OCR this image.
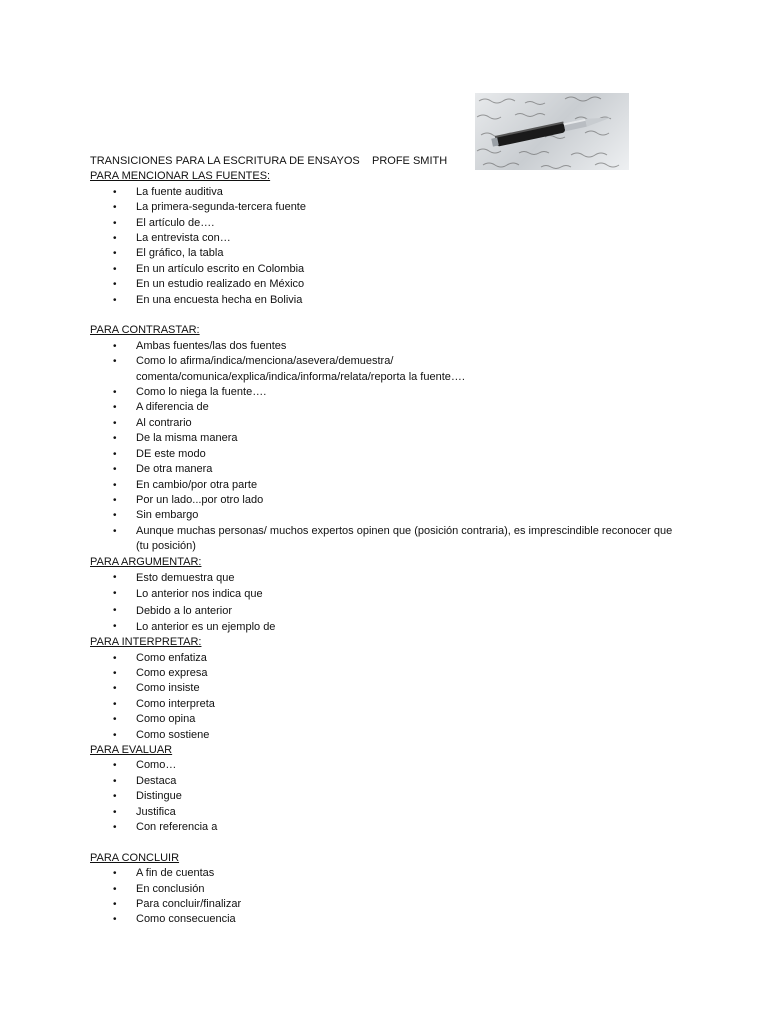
TRANSICIONES PARA LA ESCRITURA DE ENSAYOS    PROFE SMITH
PARA MENCIONAR LAS FUENTES:
• La fuente auditiva
• La primera-segunda-tercera fuente
• El artículo de….
• La entrevista con…
• El gráfico, la tabla
• En un artículo escrito en Colombia
• En un estudio realizado en México
• En una encuesta hecha en Bolivia
PARA CONTRASTAR:
• Ambas fuentes/las dos fuentes
• Como lo afirma/indica/menciona/asevera/demuestra/ comenta/comunica/explica/indica/informa/relata/reporta la fuente….
• Como lo niega la fuente….
• A diferencia de
• Al contrario
• De la misma manera
• DE este modo
• De otra manera
• En cambio/por otra parte
• Por un lado...por otro lado
• Sin embargo
• Aunque muchas personas/ muchos expertos opinen que (posición contraria), es imprescindible reconocer que (tu posición)
PARA ARGUMENTAR:
• Esto demuestra que
• Lo anterior nos indica que
• Debido a lo anterior
• Lo anterior es un ejemplo de
PARA INTERPRETAR:
• Como enfatiza
• Como expresa
• Como insiste
• Como interpreta
• Como opina
• Como sostiene
PARA EVALUAR
• Como…
• Destaca
• Distingue
• Justifica
• Con referencia a
PARA CONCLUIR
• A fin de cuentas
• En conclusión
• Para concluir/finalizar
• Como consecuencia
